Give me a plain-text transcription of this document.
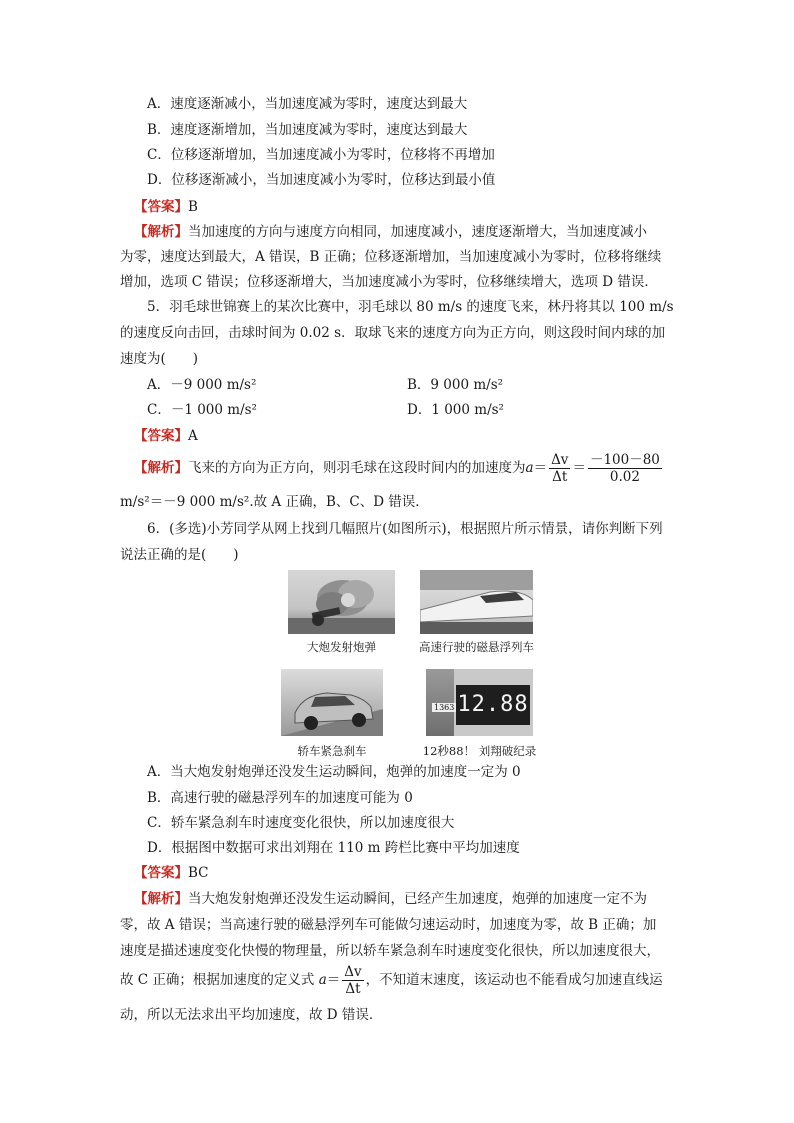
A．速度逐渐减小，当加速度减为零时，速度达到最大
B．速度逐渐增加，当加速度减为零时，速度达到最大
C．位移逐渐增加，当加速度减小为零时，位移将不再增加
D．位移逐渐减小，当加速度减小为零时，位移达到最小值
【答案】B
【解析】当加速度的方向与速度方向相同，加速度减小，速度逐渐增大，当加速度减小
为零，速度达到最大，A 错误，B 正确；位移逐渐增加，当加速度减小为零时，位移将继续
增加，选项 C 错误；位移逐渐增大，当加速度减小为零时，位移继续增大，选项 D 错误．
5．羽毛球世锦赛上的某次比赛中，羽毛球以 80 m/s 的速度飞来，林丹将其以 100 m/s
的速度反向击回，击球时间为 0.02 s．取球飞来的速度方向为正方向，则这段时间内球的加
速度为(　　)
A．－9 000 m/s²	B．9 000 m/s²
C．－1 000 m/s²	D．1 000 m/s²
【答案】A
【解析】飞来的方向为正方向，则羽毛球在这段时间内的加速度为$a= \frac{\Delta v}{\Delta t} = \frac{-100-80}{0.02}$
m/s²＝－9 000 m/s².故 A 正确，B、C、D 错误．
6．(多选)小芳同学从网上找到几幅照片(如图所示)，根据照片所示情景，请你判断下列
说法正确的是(　　)
大炮发射炮弹	高速行驶的磁悬浮列车
轿车紧急刹车
1363 12.88
12秒88！ 刘翔破纪录
A．当大炮发射炮弹还没发生运动瞬间，炮弹的加速度一定为 0
B．高速行驶的磁悬浮列车的加速度可能为 0
C．轿车紧急刹车时速度变化很快，所以加速度很大
D．根据图中数据可求出刘翔在 110 m 跨栏比赛中平均加速度
【答案】BC
【解析】当大炮发射炮弹还没发生运动瞬间，已经产生加速度，炮弹的加速度一定不为
零，故 A 错误；当高速行驶的磁悬浮列车可能做匀速运动时，加速度为零，故 B 正确；加
速度是描述速度变化快慢的物理量，所以轿车紧急刹车时速度变化很快，所以加速度很大，
故 C 正确；根据加速度的定义式 $a= \frac{\Delta v}{\Delta t}$ ，不知道末速度，该运动也不能看成匀加速直线运
动，所以无法求出平均加速度，故 D 错误．
